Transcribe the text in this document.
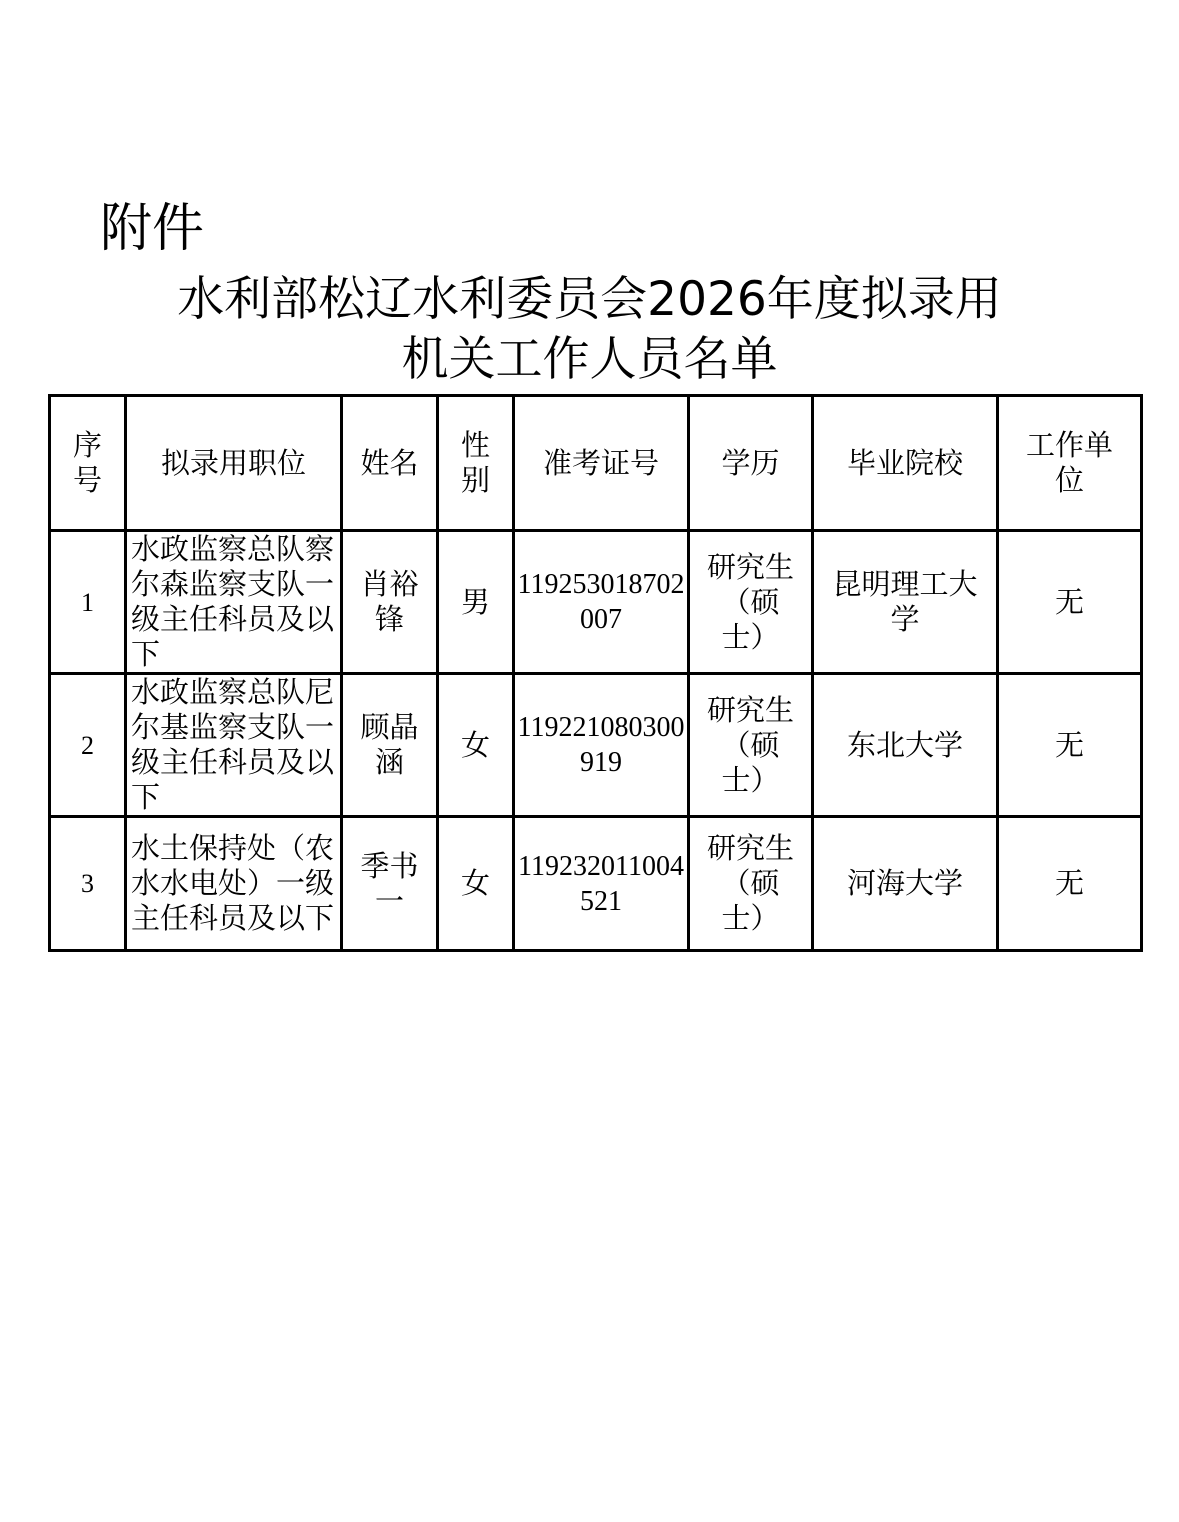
附件
水利部松辽水利委员会2026年度拟录用
机关工作人员名单
序号	拟录用职位	姓名	性别	准考证号	学历	毕业院校	工作单位
1	水政监察总队察尔森监察支队一级主任科员及以下	肖裕锋	男	119253018702007	研究生（硕士）	昆明理工大学	无
2	水政监察总队尼尔基监察支队一级主任科员及以下	顾晶涵	女	119221080300919	研究生（硕士）	东北大学	无
3	水土保持处（农水水电处）一级主任科员及以下	季书一	女	119232011004521	研究生（硕士）	河海大学	无
